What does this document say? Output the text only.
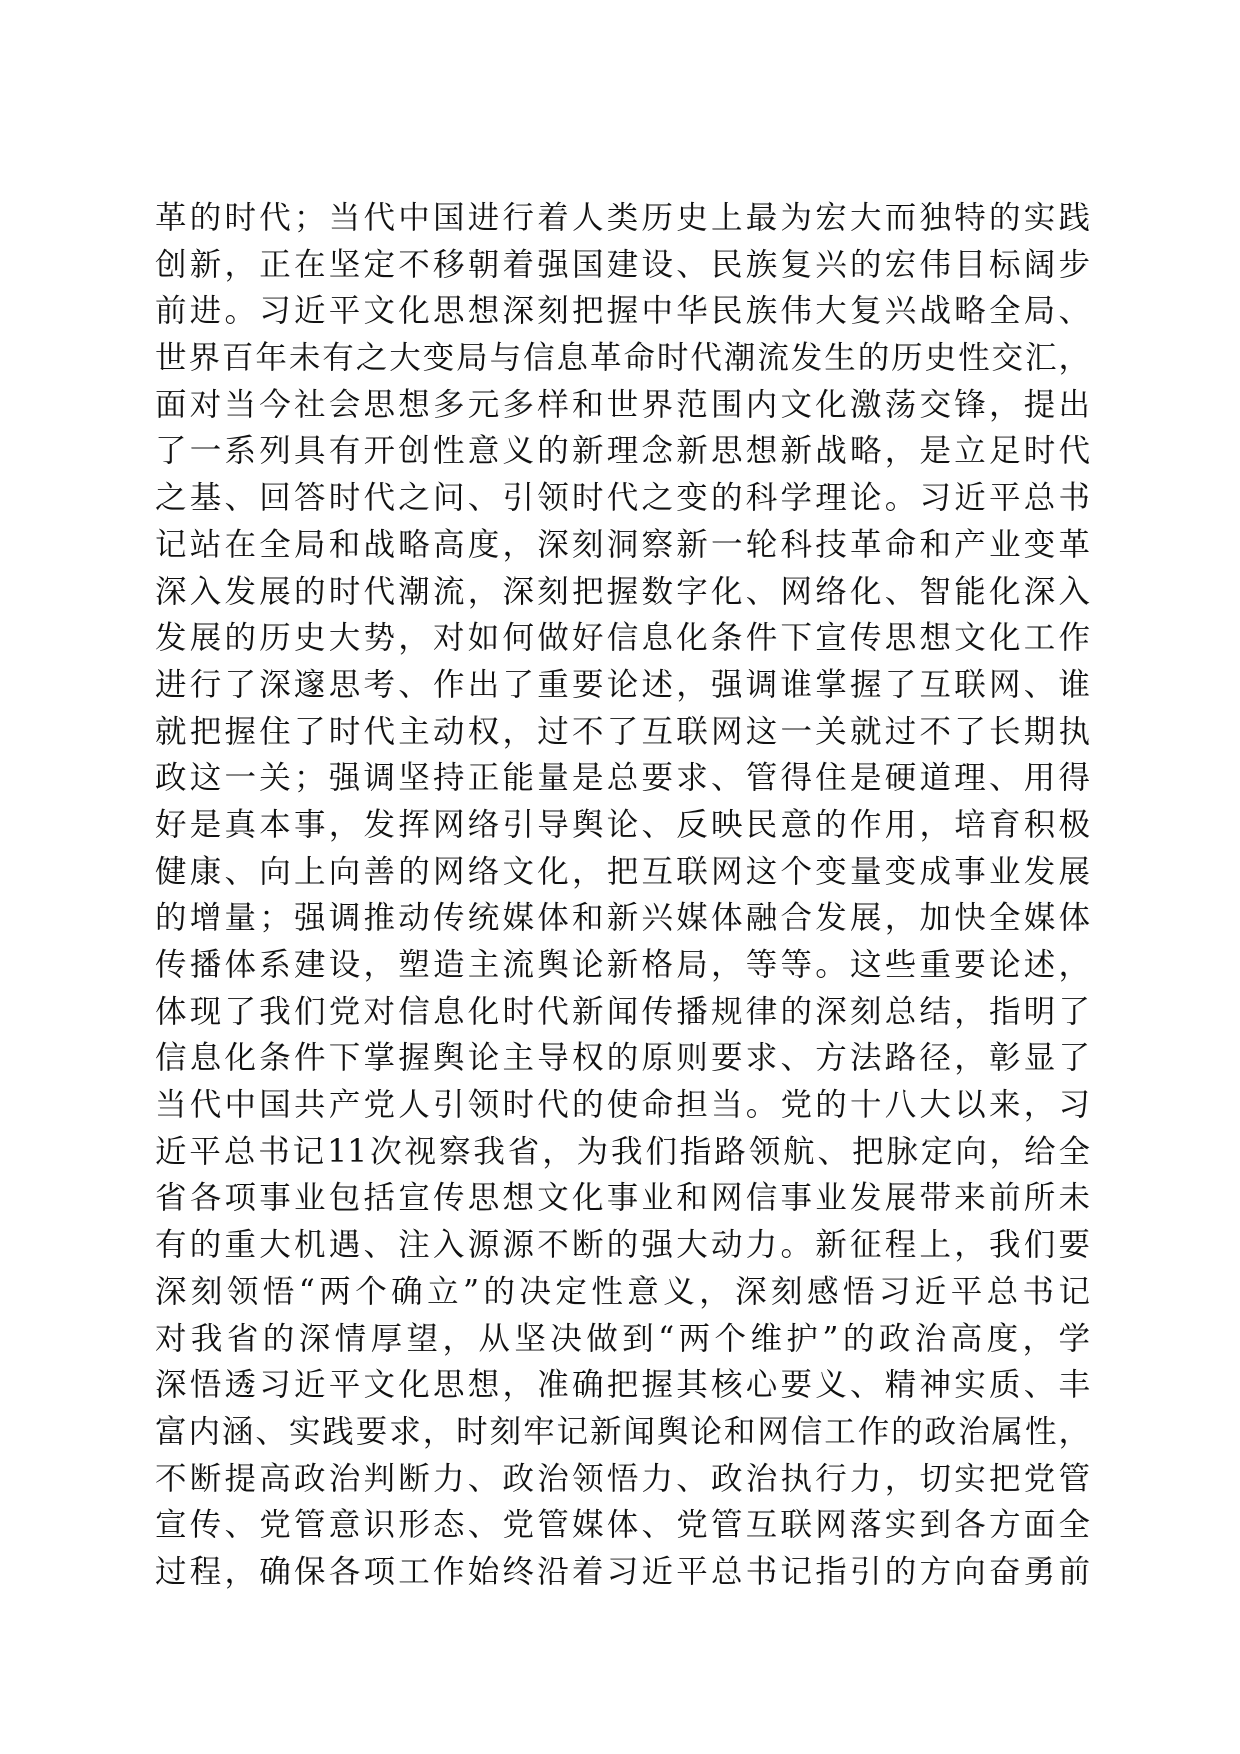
革的时代；当代中国进行着人类历史上最为宏大而独特的实践
创新，正在坚定不移朝着强国建设、民族复兴的宏伟目标阔步
前进。习近平文化思想深刻把握中华民族伟大复兴战略全局、
世界百年未有之大变局与信息革命时代潮流发生的历史性交汇，
面对当今社会思想多元多样和世界范围内文化激荡交锋，提出
了一系列具有开创性意义的新理念新思想新战略，是立足时代
之基、回答时代之问、引领时代之变的科学理论。习近平总书
记站在全局和战略高度，深刻洞察新一轮科技革命和产业变革
深入发展的时代潮流，深刻把握数字化、网络化、智能化深入
发展的历史大势，对如何做好信息化条件下宣传思想文化工作
进行了深邃思考、作出了重要论述，强调谁掌握了互联网、谁
就把握住了时代主动权，过不了互联网这一关就过不了长期执
政这一关；强调坚持正能量是总要求、管得住是硬道理、用得
好是真本事，发挥网络引导舆论、反映民意的作用，培育积极
健康、向上向善的网络文化，把互联网这个变量变成事业发展
的增量；强调推动传统媒体和新兴媒体融合发展，加快全媒体
传播体系建设，塑造主流舆论新格局，等等。这些重要论述，
体现了我们党对信息化时代新闻传播规律的深刻总结，指明了
信息化条件下掌握舆论主导权的原则要求、方法路径，彰显了
当代中国共产党人引领时代的使命担当。党的十八大以来，习
近平总书记11次视察我省，为我们指路领航、把脉定向，给全
省各项事业包括宣传思想文化事业和网信事业发展带来前所未
有的重大机遇、注入源源不断的强大动力。新征程上，我们要
深刻领悟“两个确立”的决定性意义，深刻感悟习近平总书记
对我省的深情厚望，从坚决做到“两个维护”的政治高度，学
深悟透习近平文化思想，准确把握其核心要义、精神实质、丰
富内涵、实践要求，时刻牢记新闻舆论和网信工作的政治属性，
不断提高政治判断力、政治领悟力、政治执行力，切实把党管
宣传、党管意识形态、党管媒体、党管互联网落实到各方面全
过程，确保各项工作始终沿着习近平总书记指引的方向奋勇前
